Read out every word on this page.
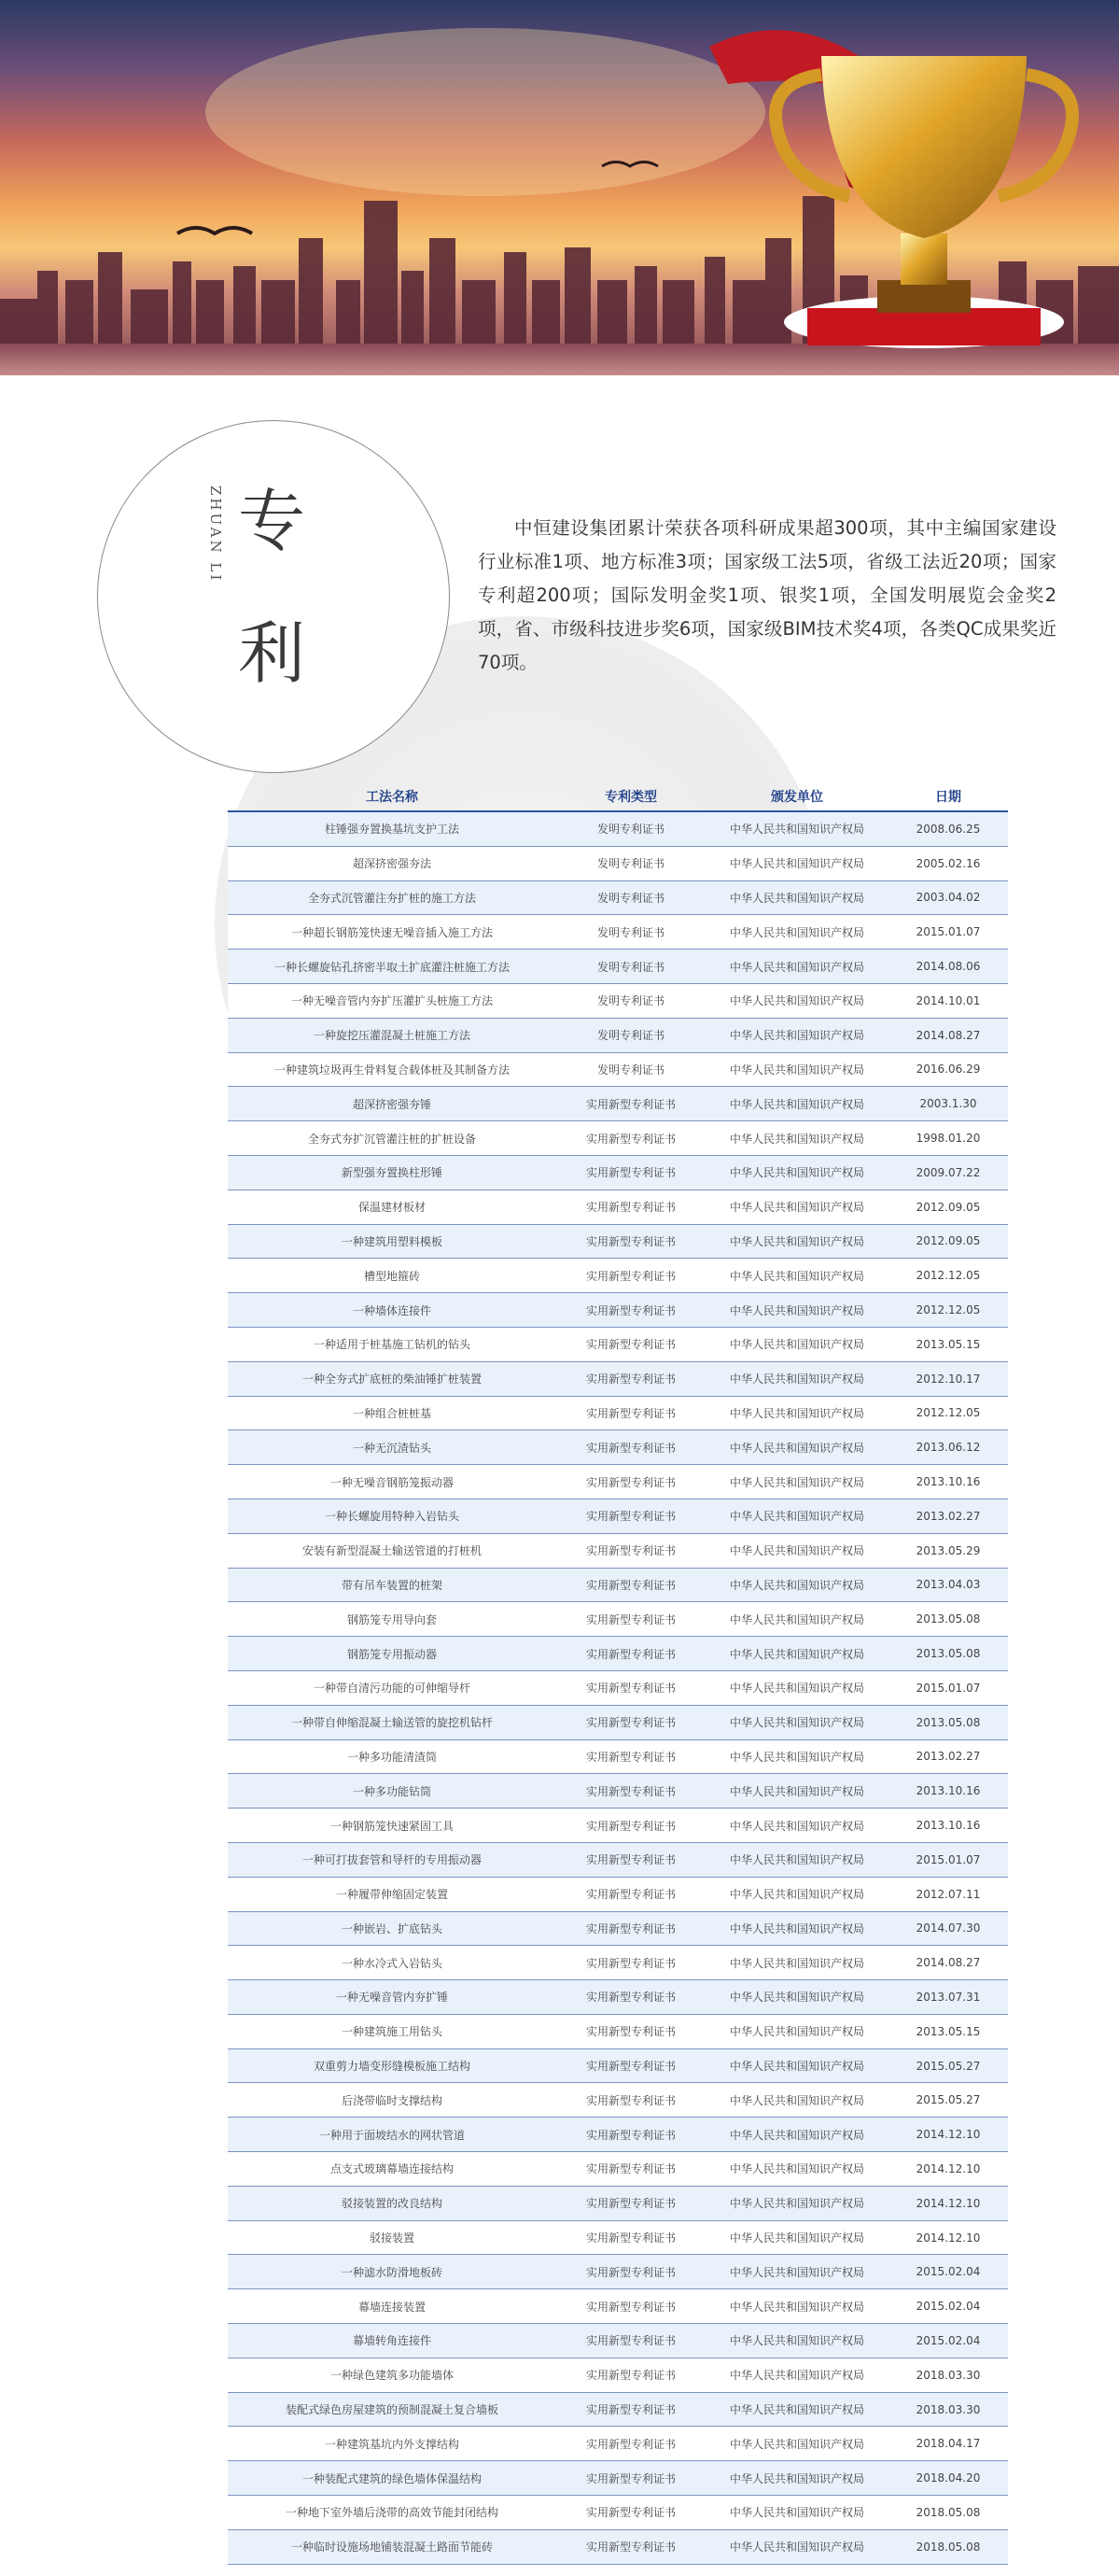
ZHUAN LI 专
利
中恒建设集团累计荣获各项科研成果超300项，其中主编国家建设行业标准1项、地方标准3项；国家级工法5项，省级工法近20项；国家专利超200项；国际发明金奖1项、银奖1项，全国发明展览会金奖2项，省、市级科技进步奖6项，国家级BIM技术奖4项，各类QC成果奖近70项。
工法名称	专利类型	颁发单位	日期
柱锤强夯置换基坑支护工法	发明专利证书	中华人民共和国知识产权局	2008.06.25
超深挤密强夯法	发明专利证书	中华人民共和国知识产权局	2005.02.16
全夯式沉管灌注夯扩桩的施工方法	发明专利证书	中华人民共和国知识产权局	2003.04.02
一种超长钢筋笼快速无噪音插入施工方法	发明专利证书	中华人民共和国知识产权局	2015.01.07
一种长螺旋钻孔挤密半取土扩底灌注桩施工方法	发明专利证书	中华人民共和国知识产权局	2014.08.06
一种无噪音管内夯扩压灌扩头桩施工方法	发明专利证书	中华人民共和国知识产权局	2014.10.01
一种旋挖压灌混凝土桩施工方法	发明专利证书	中华人民共和国知识产权局	2014.08.27
一种建筑垃圾再生骨料复合载体桩及其制备方法	发明专利证书	中华人民共和国知识产权局	2016.06.29
超深挤密强夯锤	实用新型专利证书	中华人民共和国知识产权局	2003.1.30
全夯式夯扩沉管灌注桩的扩桩设备	实用新型专利证书	中华人民共和国知识产权局	1998.01.20
新型强夯置换柱形锤	实用新型专利证书	中华人民共和国知识产权局	2009.07.22
保温建材板材	实用新型专利证书	中华人民共和国知识产权局	2012.09.05
一种建筑用塑料模板	实用新型专利证书	中华人民共和国知识产权局	2012.09.05
槽型地箍砖	实用新型专利证书	中华人民共和国知识产权局	2012.12.05
一种墙体连接件	实用新型专利证书	中华人民共和国知识产权局	2012.12.05
一种适用于桩基施工钻机的钻头	实用新型专利证书	中华人民共和国知识产权局	2013.05.15
一种全夯式扩底桩的柴油锤扩桩装置	实用新型专利证书	中华人民共和国知识产权局	2012.10.17
一种组合桩桩基	实用新型专利证书	中华人民共和国知识产权局	2012.12.05
一种无沉渣钻头	实用新型专利证书	中华人民共和国知识产权局	2013.06.12
一种无噪音钢筋笼振动器	实用新型专利证书	中华人民共和国知识产权局	2013.10.16
一种长螺旋用特种入岩钻头	实用新型专利证书	中华人民共和国知识产权局	2013.02.27
安装有新型混凝土输送管道的打桩机	实用新型专利证书	中华人民共和国知识产权局	2013.05.29
带有吊车装置的桩架	实用新型专利证书	中华人民共和国知识产权局	2013.04.03
钢筋笼专用导向套	实用新型专利证书	中华人民共和国知识产权局	2013.05.08
钢筋笼专用振动器	实用新型专利证书	中华人民共和国知识产权局	2013.05.08
一种带自清污功能的可伸缩导杆	实用新型专利证书	中华人民共和国知识产权局	2015.01.07
一种带自伸缩混凝土输送管的旋挖机钻杆	实用新型专利证书	中华人民共和国知识产权局	2013.05.08
一种多功能清渣筒	实用新型专利证书	中华人民共和国知识产权局	2013.02.27
一种多功能钻筒	实用新型专利证书	中华人民共和国知识产权局	2013.10.16
一种钢筋笼快速紧固工具	实用新型专利证书	中华人民共和国知识产权局	2013.10.16
一种可打拔套管和导杆的专用振动器	实用新型专利证书	中华人民共和国知识产权局	2015.01.07
一种履带伸缩固定装置	实用新型专利证书	中华人民共和国知识产权局	2012.07.11
一种嵌岩、扩底钻头	实用新型专利证书	中华人民共和国知识产权局	2014.07.30
一种水冷式入岩钻头	实用新型专利证书	中华人民共和国知识产权局	2014.08.27
一种无噪音管内夯扩锤	实用新型专利证书	中华人民共和国知识产权局	2013.07.31
一种建筑施工用钻头	实用新型专利证书	中华人民共和国知识产权局	2013.05.15
双重剪力墙变形缝模板施工结构	实用新型专利证书	中华人民共和国知识产权局	2015.05.27
后浇带临时支撑结构	实用新型专利证书	中华人民共和国知识产权局	2015.05.27
一种用于面坡结水的网状管道	实用新型专利证书	中华人民共和国知识产权局	2014.12.10
点支式玻璃幕墙连接结构	实用新型专利证书	中华人民共和国知识产权局	2014.12.10
驳接装置的改良结构	实用新型专利证书	中华人民共和国知识产权局	2014.12.10
驳接装置	实用新型专利证书	中华人民共和国知识产权局	2014.12.10
一种滤水防滑地板砖	实用新型专利证书	中华人民共和国知识产权局	2015.02.04
幕墙连接装置	实用新型专利证书	中华人民共和国知识产权局	2015.02.04
幕墙转角连接件	实用新型专利证书	中华人民共和国知识产权局	2015.02.04
一种绿色建筑多功能墙体	实用新型专利证书	中华人民共和国知识产权局	2018.03.30
装配式绿色房屋建筑的预制混凝土复合墙板	实用新型专利证书	中华人民共和国知识产权局	2018.03.30
一种建筑基坑内外支撑结构	实用新型专利证书	中华人民共和国知识产权局	2018.04.17
一种装配式建筑的绿色墙体保温结构	实用新型专利证书	中华人民共和国知识产权局	2018.04.20
一种地下室外墙后浇带的高效节能封闭结构	实用新型专利证书	中华人民共和国知识产权局	2018.05.08
一种临时设施场地铺装混凝土路面节能砖	实用新型专利证书	中华人民共和国知识产权局	2018.05.08
